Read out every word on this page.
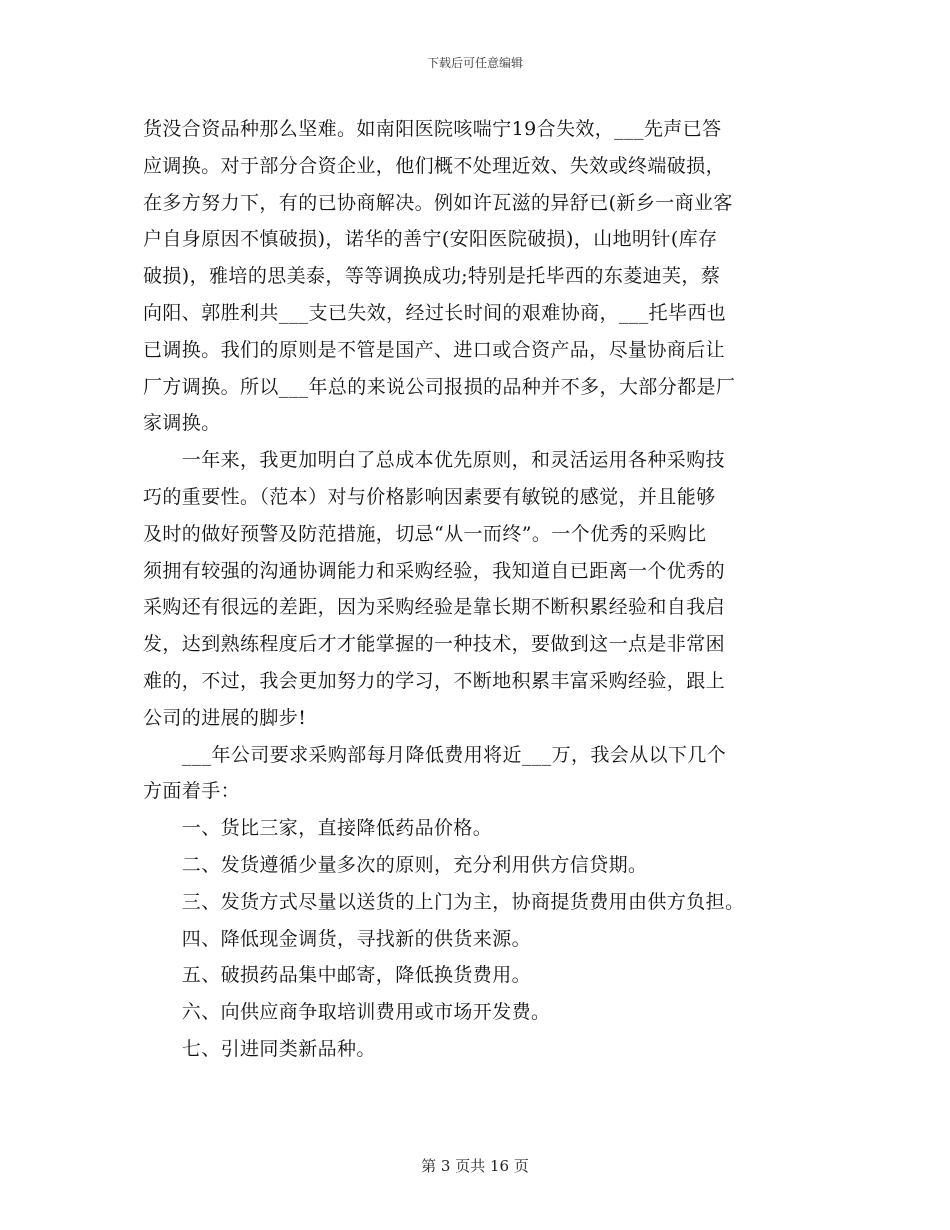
下载后可任意编辑
货没合资品种那么坚难。如南阳医院咳喘宁19合失效，___先声已答
应调换。对于部分合资企业，他们概不处理近效、失效或终端破损，
在多方努力下，有的已协商解决。例如许瓦滋的异舒已(新乡一商业客
户自身原因不慎破损)，诺华的善宁(安阳医院破损)，山地明针(库存
破损)，雅培的思美泰，等等调换成功;特别是托毕西的东菱迪芙，蔡
向阳、郭胜利共___支已失效，经过长时间的艰难协商，___托毕西也
已调换。我们的原则是不管是国产、进口或合资产品，尽量协商后让
厂方调换。所以___年总的来说公司报损的品种并不多，大部分都是厂
家调换。
　　一年来，我更加明白了总成本优先原则，和灵活运用各种采购技
巧的重要性。（范本）对与价格影响因素要有敏锐的感觉，并且能够
及时的做好预警及防范措施，切忌“从一而终”。一个优秀的采购比
须拥有较强的沟通协调能力和采购经验，我知道自已距离一个优秀的
采购还有很远的差距，因为采购经验是靠长期不断积累经验和自我启
发，达到熟练程度后才才能掌握的一种技术，要做到这一点是非常困
难的，不过，我会更加努力的学习，不断地积累丰富采购经验，跟上
公司的进展的脚步!
　　___年公司要求采购部每月降低费用将近___万，我会从以下几个
方面着手：
　　一、货比三家，直接降低药品价格。
　　二、发货遵循少量多次的原则，充分利用供方信贷期。
　　三、发货方式尽量以送货的上门为主，协商提货费用由供方负担。
　　四、降低现金调货，寻找新的供货来源。
　　五、破损药品集中邮寄，降低换货费用。
　　六、向供应商争取培训费用或市场开发费。
　　七、引进同类新品种。
第 3 页共 16 页
